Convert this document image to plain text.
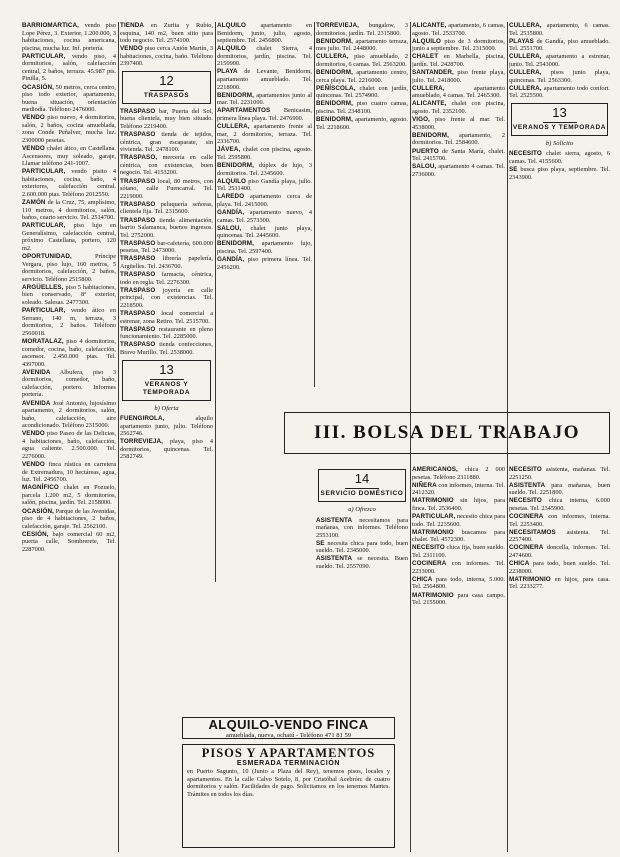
BARRIOMÁRTICA, vendo piso Lope Pérez, 3. Exterior, 1.200.000, 3 habitaciones, cocina americana, piscina, mucha luz. Inf. portería.

PARTICULAR, vendo piso, 4 dormitorios, salón, calefacción central, 2 baños, terraza. 45.987 pts. Pinilla, 5.

OCASIÓN, 50 metros, cerca centro, piso todo exterior, apartamento, buena situación, orientación mediodía. Teléfono 2476000.

VENDO piso nuevo, 4 dormitorios, salón, 2 baños, cocina amueblada, zona Conde Peñalver, mucha luz. 2300000 pesetas.

VENDO chalet ático, en Castellana. Ascensores, muy soleado, garaje, Llamar teléfono 241-1007.

PARTICULAR, vendo pisito 4 habitaciones, cocina, baño, 4 exteriores, calefacción central. 2.600.000 ptas. Teléfono 2012550.

ZAMÓN de la Cruz, 75, amplísimo, 110 metros, 4 dormitorios, salón, baños, cuarto servicio. Tel. 2514700.

PARTICULAR, piso lujo en Generalísimo, calefacción central, próximo Castellana, portero, 120 m2.

OPORTUNIDAD, Príncipe Vergara, piso lujo, 160 metros, 5 dormitorios, calefacción, 2 baños, servicio. Teléfono 2515800.

ARGÜELLES, piso 5 habitaciones, bien conservado, 8º exterior, soleado. Salesas. 2477300.

PARTICULAR, vendo ático en Serrano, 140 m, terraza, 3 dormitorios, 2 baños. Teléfono 2560018.

MORATALAZ, piso 4 dormitorios, comedor, cocina, baño, calefacción, ascensor. 2.450.000 ptas. Tel. 4397000.

AVENIDA Albufera, piso 3 dormitorios, comedor, baño, calefacción, portero. Informes portería.

AVENIDA José Antonio, lujosísimo apartamento, 2 dormitorios, salón, baño, calefacción, aire acondicionado. Teléfono 2315000.

VENDO piso Paseo de las Delicias, 4 habitaciones, baño, calefacción, agua caliente. 2.500.000. Tel. 2276000.

VENDO finca rústica en carretera de Extremadura, 10 hectáreas, agua, luz. Tel. 2456700.

MAGNÍFICO chalet en Pozuelo, parcela 1.200 m2, 5 dormitorios, salón, piscina, jardín. Tel. 2158000.

OCASIÓN, Parque de las Avenidas, piso de 4 habitaciones, 2 baños, calefacción, garaje. Tel. 2562100.

CESIÓN, bajo comercial 60 m2, puerta calle, Sombrerete, Tel. 2287000.

TIENDA en Zurita y Rubio, esquina, 140 m2, buen sitio para todo negocio. Tel. 2574100.

VENDO piso cerca Antón Martín, 3 habitaciones, cocina, baño. Teléfono 2397400.

12
TRASPASOS

TRASPASO bar, Puerta del Sol, buena clientela, muy bien situado. Teléfono 2219400.

TRASPASO tienda de tejidos, céntrica, gran escaparate, sin vivienda. Tel. 2478100.

TRASPASO, mercería en calle céntrica, con existencias, buen negocio. Tel. 4153200.

TRASPASO local, 80 metros, con sótano, calle Fuencarral. Tel. 2219000.

TRASPASO peluquería señoras, clientela fija. Tel. 2315600.

TRASPASO tienda alimentación, barrio Salamanca, buenos ingresos. Tel. 2752000.

TRASPASO bar-cafetería, 600.000 pesetas, Tel. 2473000.

TRASPASO librería papelería, Argüelles. Tel. 2436700.

TRASPASO farmacia, céntrica, todo en regla. Tel. 2276300.

TRASPASO joyería en calle principal, con existencias. Tel. 2218500.

TRASPASO local comercial a estrenar, zona Retiro. Tel. 2515700.

TRASPASO restaurante en pleno funcionamiento. Tel. 2285000.

TRASPASO tienda confecciones, Bravo Murillo. Tel. 2538000.

13
VERANOS Y TEMPORADA
b) Oferta

FUENGIROLA, alquilo apartamento junio, julio. Teléfono 2562746.

TORREVIEJA, playa, piso 4 dormitorios, quincenas. Tel. 2582749.

ALQUILO apartamento en Benidorm, junio, julio, agosto, septiembre. Tel. 2456800.

ALQUILO chalet Sierra, 4 dormitorios, jardín, piscina. Tel. 2150900.

PLAYA de Levante, Benidorm, apartamento amueblado. Tel. 2218000.

BENIDORM, apartamentos junto al mar. Tel. 2231000.

APARTAMENTOS Benicasim, primera línea playa. Tel. 2476900.

CULLERA, apartamento frente al mar, 2 dormitorios, terraza. Tel. 2336700.

JÁVEA, chalet con piscina, agosto. Tel. 2595800.

BENIDORM, dúplex de lujo, 3 dormitorios. Tel. 2345600.

ALQUILO piso Gandía playa, julio. Tel. 2531400.

LAREDO apartamento cerca de playa. Tel. 2415000.

GANDÍA, apartamento nuevo, 4 camas. Tel. 2573300.

SALOU, chalet junto playa, quincenas. Tel. 2445600.

BENIDORM, apartamento lujo, piscina. Tel. 2597400.

GANDÍA, piso primera línea. Tel. 2456200.

TORREVIEJA, bungalow, 3 dormitorios, jardín. Tel. 2315800.

BENIDORM, apartamento terraza, mes julio. Tel. 2448000.

CULLERA, piso amueblado, 2 dormitorios, 6 camas. Tel. 2563200.

BENIDORM, apartamento centro, cerca playa. Tel. 2216000.

PEÑÍSCOLA, chalet con jardín, quincenas. Tel. 2574900.

BENIDORM, piso cuatro camas, piscina. Tel. 2348100.

BENIDORM, apartamento, agosto. Tel. 2218600.

14
SERVICIO DOMÉSTICO
a) Ofrezco

ASISTENTA necesitamos para mañanas, con informes. Teléfono 2553100.

SE necesita chica para todo, buen sueldo. Tel. 2345000.

ASISTENTA se necesita. Buen sueldo. Tel. 2557090.

ALICANTE, apartamento, 6 camas, agosto. Tel. 2533700.

ALQUILO piso de 3 dormitorios, junio a septiembre. Tel. 2315000.

CHALET en Marbella, piscina, jardín. Tel. 2428700.

SANTANDER, piso frente playa, julio. Tel. 2418000.

CULLERA, apartamento amueblado, 4 camas. Tel. 2465300.

ALICANTE, chalet con piscina, agosto. Tel. 2352100.

VIGO, piso frente al mar. Tel. 4538000.

BENIDORM, apartamento, 2 dormitorios. Tel. 2584600.

PUERTO de Santa María, chalet. Tel. 2415700.

SALOU, apartamento 4 camas. Tel. 2736000.

AMERICANOS, chica 2 000 pesetas. Teléfono 2311880.

NIÑERA con informes, interna. Tel. 2412320.

MATRIMONIO sin hijos, para finca. Tel. 2536400.

PARTICULAR, necesito chica para todo. Tel. 2235600.

MATRIMONIO buscamos para chalet. Tel. 4572300.

NECESITO chica fija, buen sueldo. Tel. 2311100.

COCINERA con informes. Tel. 2233000.

CHICA para todo, interna, 5.000. Tel. 2564800.

MATRIMONIO para casa campo. Tel. 2155000.

CULLERA, apartamento, 6 camas. Tel. 2535800.

PLAYAS de Gandía, piso amueblado. Tel. 2551700.

CULLERA, apartamento a estrenar, junio. Tel. 2543000.

CULLERA, pisos junto playa, quincenas. Tel. 2563300.

CULLERA, apartamento todo confort. Tel. 2525500.

13
VERANOS Y TEMPORADA
b) Solicito

NECESITO chalet sierra, agosto, 6 camas. Tel. 4155600.

SE busca piso playa, septiembre. Tel. 2343900.

NECESITO asistenta, mañanas. Tel. 2251250.

ASISTENTA para mañanas, buen sueldo. Tel. 2251800.

NECESITO chica interna, 6.000 pesetas. Tel. 2345900.

COCINERA con informes, interna. Tel. 2253400.

NECESITAMOS asistenta. Tel. 2257400.

COCINERA doncella, informes. Tel. 2474600.

CHICA para todo, buen sueldo. Tel. 2238000.

MATRIMONIO en hijos, para casa. Tel. 2233277.

III. BOLSA DEL TRABAJO
ALQUILO-VENDO FINCA
amueblada, nueva, ochatú - Teléfono 471 81 59
PISOS Y APARTAMENTOS
ESMERADA TERMINACIÓN
en Puerto Sagunto, 10 (Junto a Plaza del Rey), tenemos pisos, locales y apartamentos. En la calle Calvo Sotelo, 8, por Cristóbal Acebrón: de cuatro dormitorios y salón. Facilidades de pago. Solicitamos en los tenemos Mantes. Trámites en todos los días.
